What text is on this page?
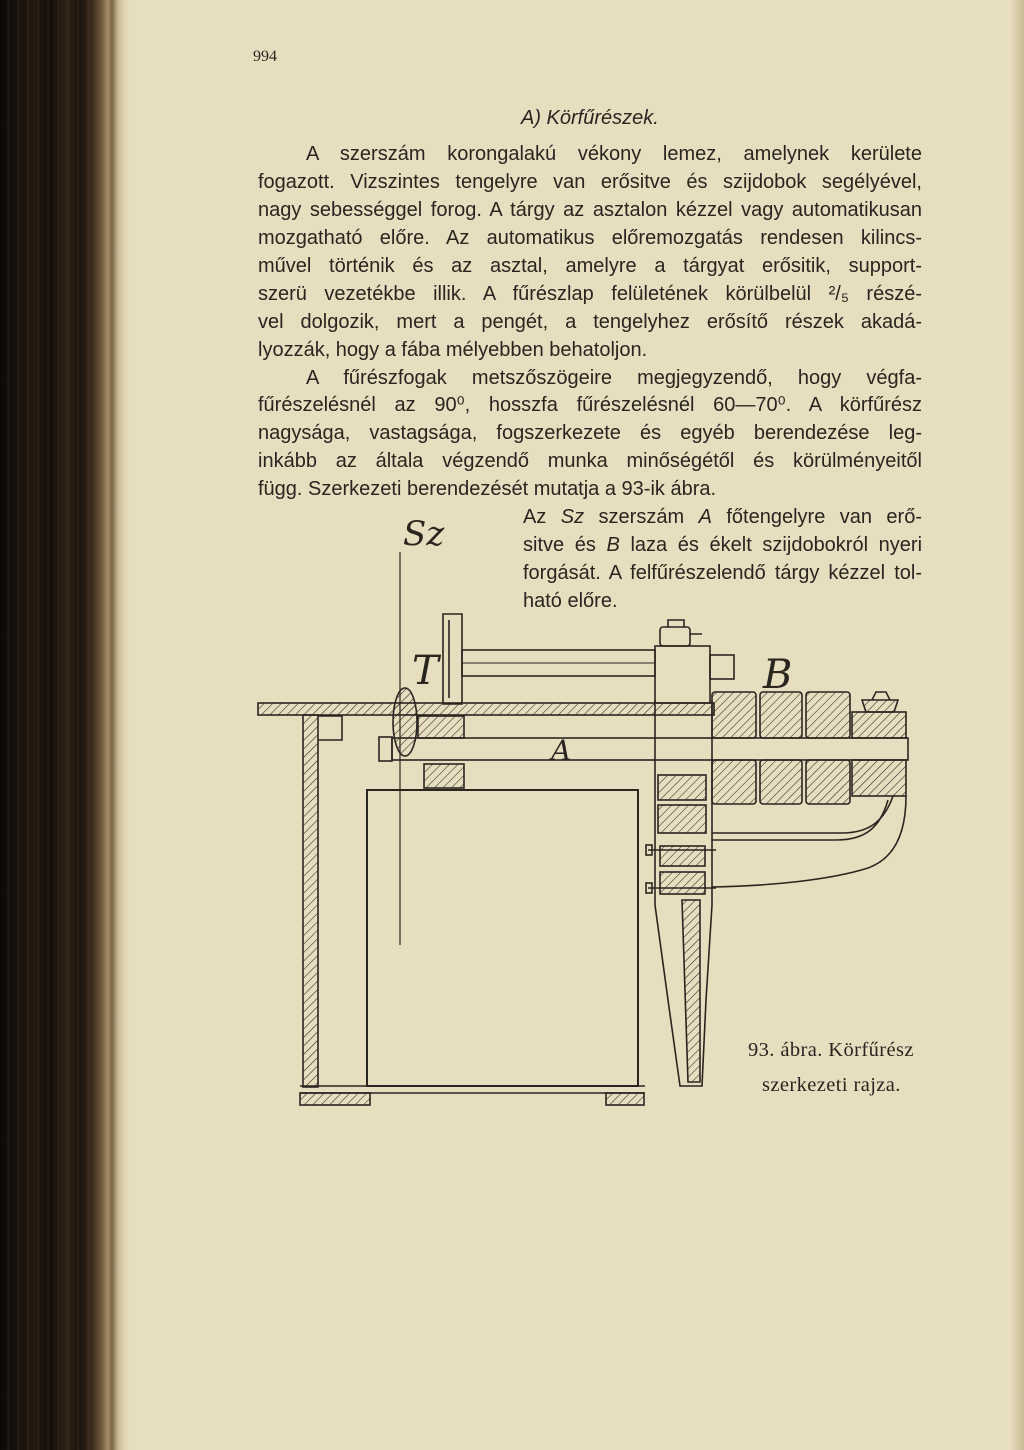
994
A) Körfűrészek.
A szerszám korongalakú vékony lemez, amelynek kerülete
fogazott. Vizszintes tengelyre van erősitve és szijdobok segélyével,
nagy sebességgel forog. A tárgy az asztalon kézzel vagy automatikusan
mozgatható előre. Az automatikus előremozgatás rendesen kilincs-
művel történik és az asztal, amelyre a tárgyat erősitik, support-
szerü vezetékbe illik. A fűrészlap felületének körülbelül ²/₅ részé-
vel dolgozik, mert a pengét, a tengelyhez erősítő részek akadá-
lyozzák, hogy a fába mélyebben behatoljon.
A fűrészfogak metszőszögeire megjegyzendő, hogy végfa-
fűrészelésnél az 90⁰, hosszfa fűrészelésnél 60—70⁰. A körfűrész
nagysága, vastagsága, fogszerkezete és egyéb berendezése leg-
inkább az általa végzendő munka minőségétől és körülményeitől
függ. Szerkezeti berendezését mutatja a 93-ik ábra.
Az Sz szerszám A főtengelyre van erő-
sitve és B laza és ékelt szijdobokról nyeri
forgását. A felfűrészelendő tárgy kézzel tol-
ható előre.
Sz
T	B
A
93. ábra. Körfűrész
szerkezeti rajza.
